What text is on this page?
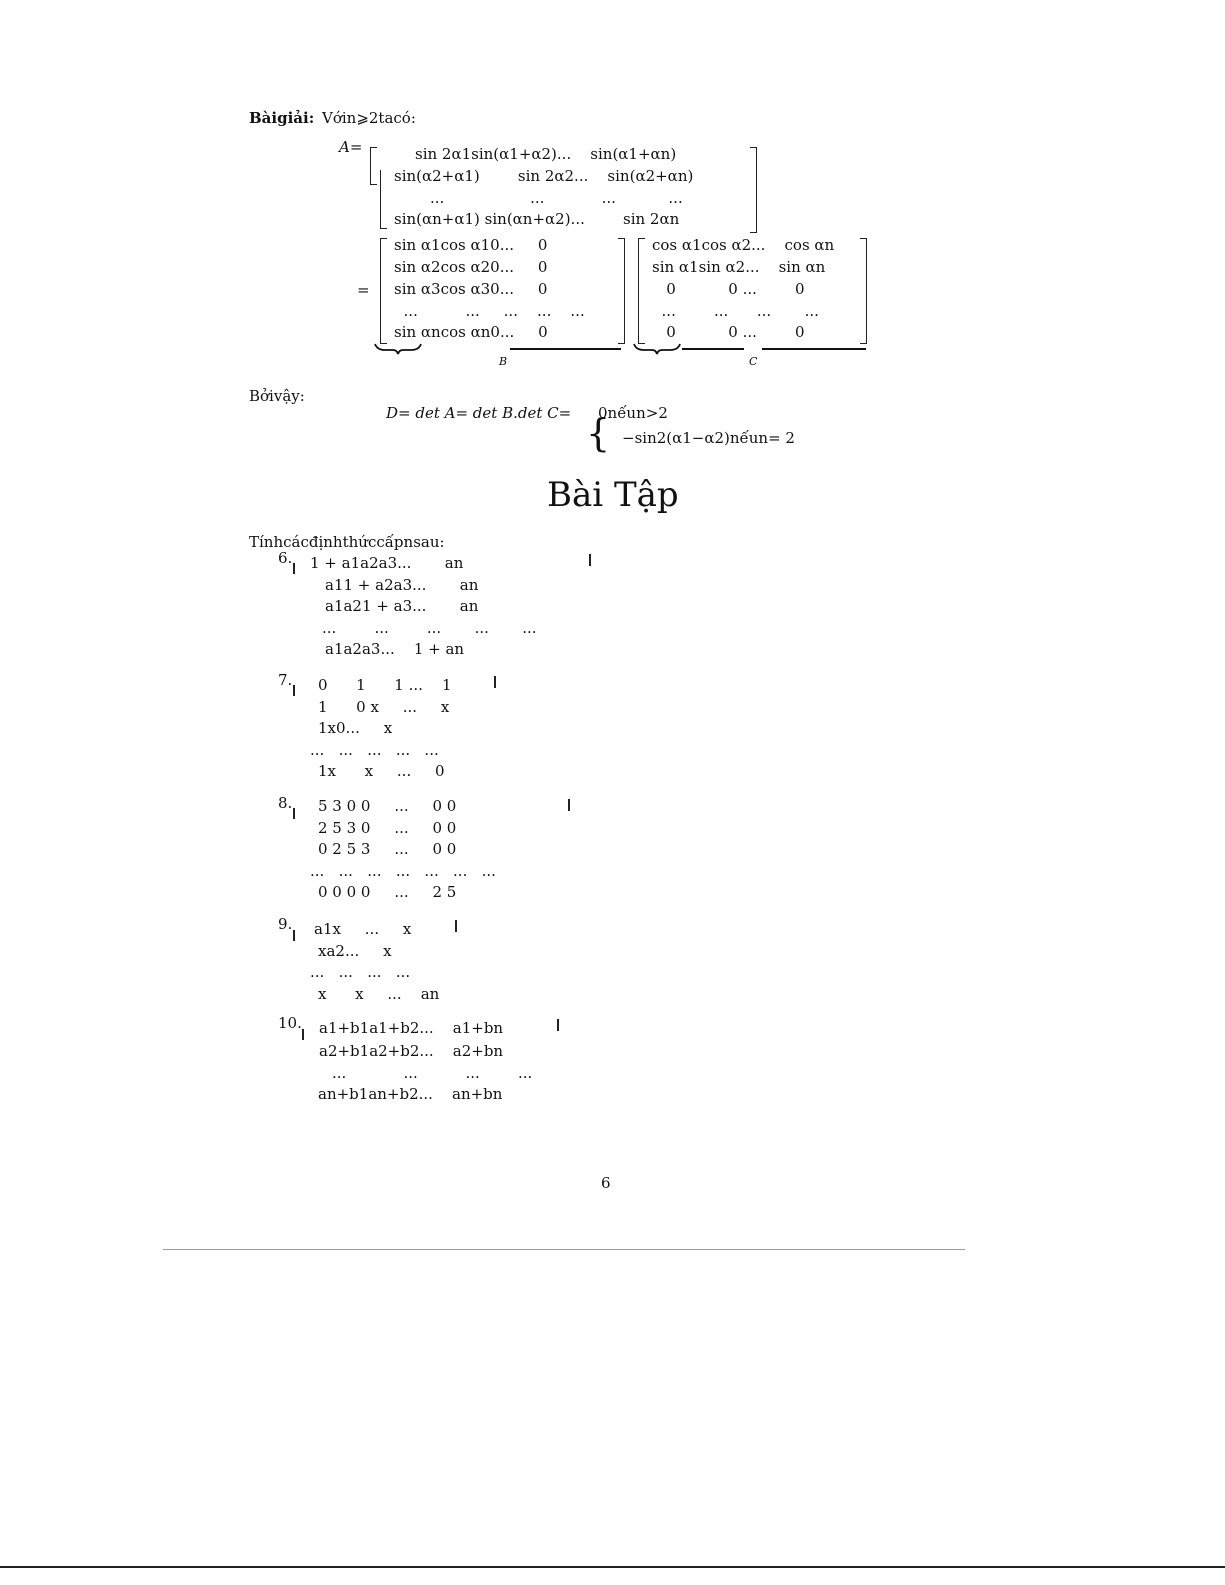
Bàigiải: Vớin⩾2tacó:
A=	sin 2α1sin(α1+α2)...    sin(α1+αn)
sin(α2+α1)        sin 2α2...    sin(α2+αn)
...                  ...            ...           ...
sin(αn+α1) sin(αn+α2)...        sin 2αn
=
sin α1cos α10...     0
sin α2cos α20...     0
sin α3cos α30...     0
...          ...     ...    ...    ...
sin αncos αn0...     0
cos α1cos α2...    cos αn
sin α1sin α2...    sin αn
0           0 ...        0
...        ...      ...       ...
0           0 ...        0
B	C
Bởivậy:
D= det A= det B.det C= {
0nếun>2
−sin2(α1−α2)nếun= 2
Bài Tập
Tínhcácđịnhthứccấpnsau:
6. 1 + a1a2a3...       an
a11 + a2a3...       an
a1a21 + a3...       an
...        ...        ...       ...       ...
a1a2a3...    1 + an
7. 0      1      1 ...    1
1      0 x     ...     x
1x0...     x
...   ...   ...   ...   ...
1x      x     ...     0
8. 5 3 0 0     ...     0 0
2 5 3 0     ...     0 0
0 2 5 3     ...     0 0
...   ...   ...   ...   ...   ...   ...
0 0 0 0     ...     2 5
9. a1x     ...     x
xa2...     x
...   ...   ...   ...
x      x     ...    an
10. a1+b1a1+b2...    a1+bn
a2+b1a2+b2...    a2+bn
...            ...          ...        ...
an+b1an+b2...    an+bn
6
